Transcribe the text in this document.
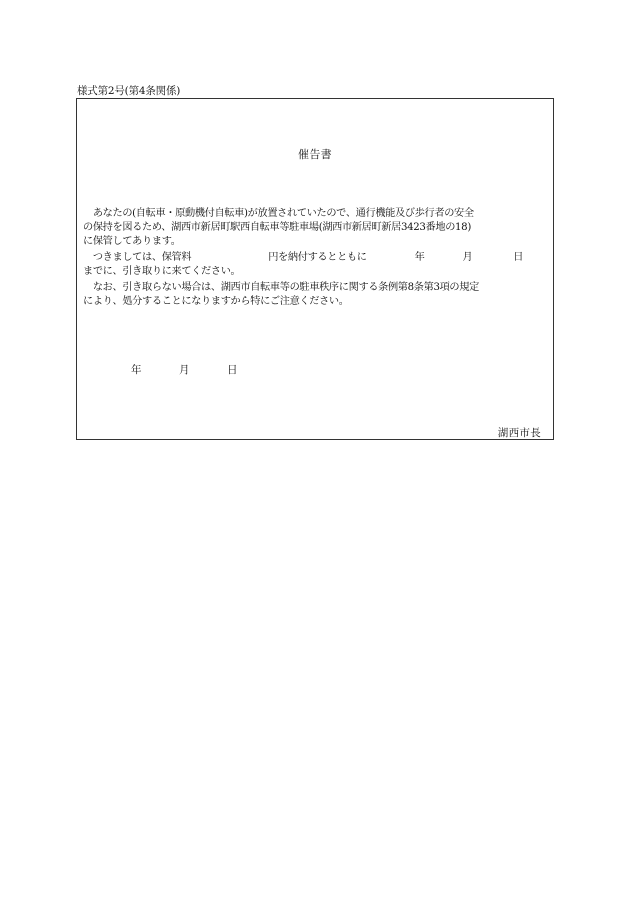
様式第2号(第4条関係)
催告書
　あなたの(自転車・原動機付自転車)が放置されていたので、通行機能及び歩行者の安全
の保持を図るため、湖西市新居町駅西自転車等駐車場(湖西市新居町新居3423番地の18)
に保管してあります。
　つきましては、保管料	円を納付するとともに	年	月	日
までに、引き取りに来てください。
　なお、引き取らない場合は、湖西市自転車等の駐車秩序に関する条例第8条第3項の規定
により、処分することになりますから特にご注意ください。
年	月	日
湖西市長
